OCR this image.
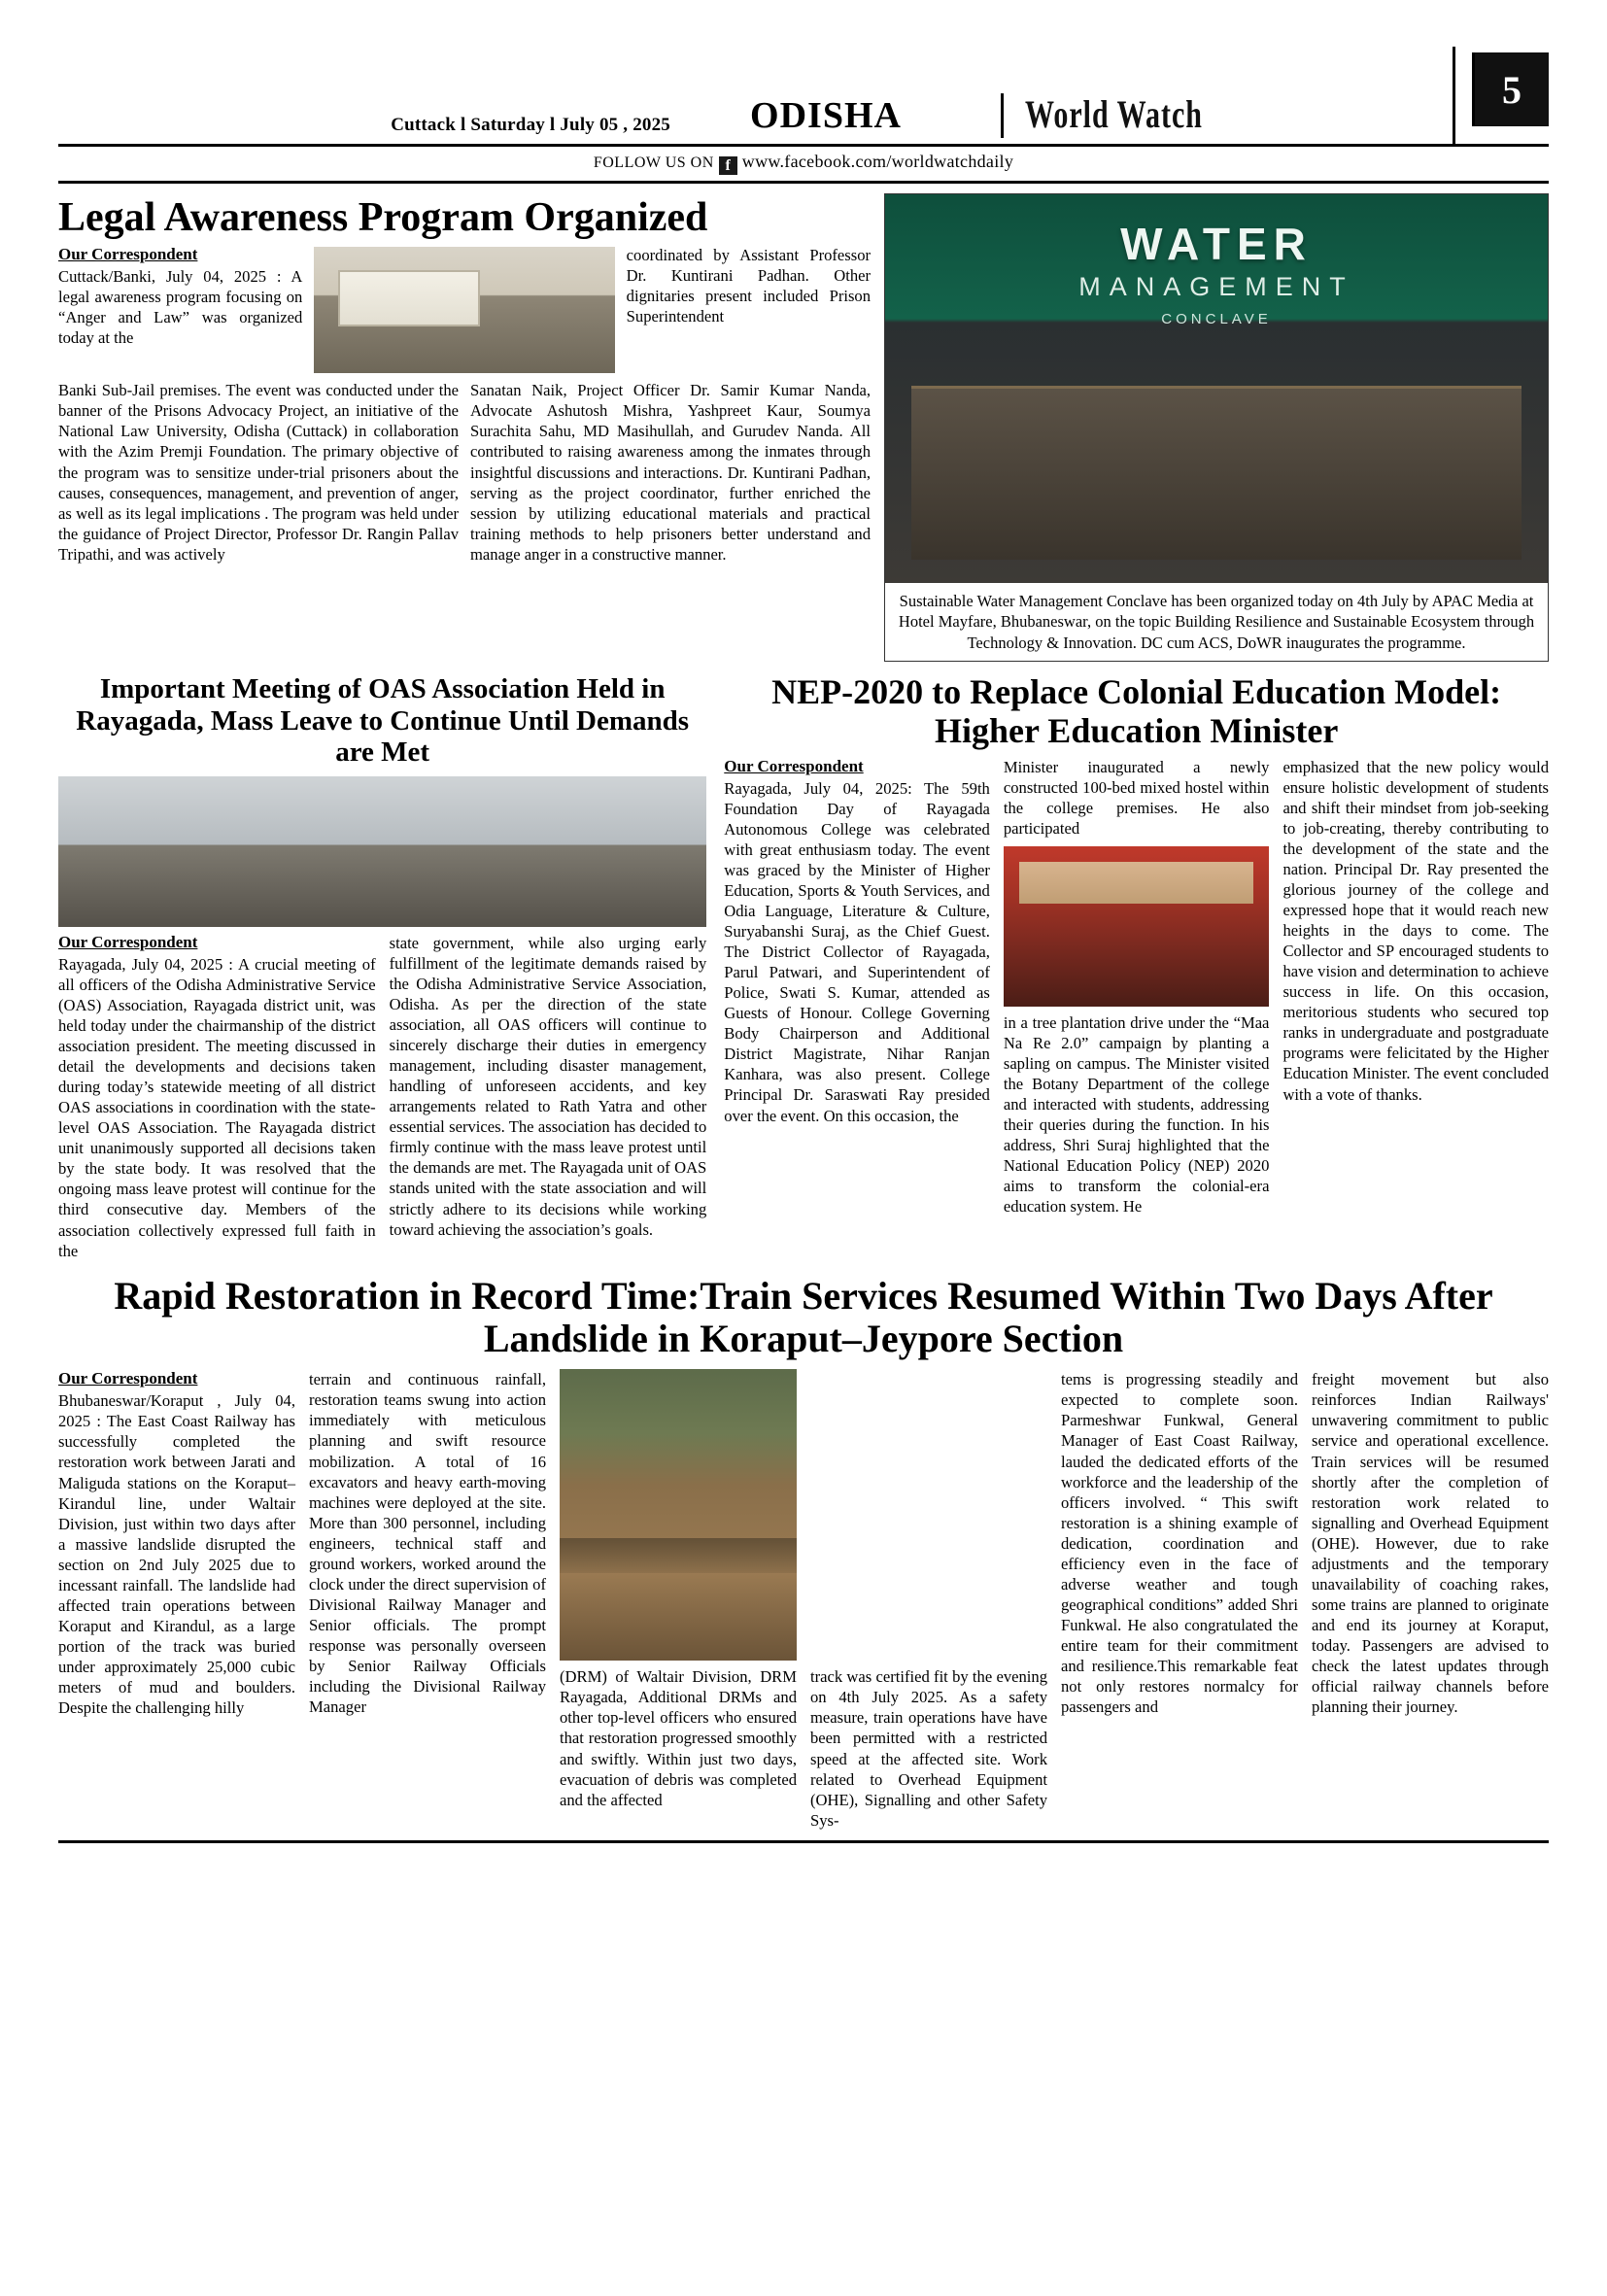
Cuttack l Saturday l July 05 , 2025	ODISHA	World Watch
5
FOLLOW US ON f www.facebook.com/worldwatchdaily
Legal Awareness Program Organized
Our Correspondent
Cuttack/Banki, July 04, 2025 : A legal awareness program focusing on “Anger and Law” was organized today at the
coordinated by Assistant Professor Dr. Kuntirani Padhan. Other dignitaries present included Prison Superintendent
Banki Sub-Jail premises. The event was conducted under the banner of the Prisons Advocacy Project, an initiative of the National Law University, Odisha (Cuttack) in collaboration with the Azim Premji Foundation. The primary objective of the program was to sensitize under-trial prisoners about the causes, consequences, management, and prevention of anger, as well as its legal implications . The program was held under the guidance of Project Director, Professor Dr. Rangin Pallav Tripathi, and was actively
Sanatan Naik, Project Officer Dr. Samir Kumar Nanda, Advocate Ashutosh Mishra, Yashpreet Kaur, Soumya Surachita Sahu, MD Masihullah, and Gurudev Nanda. All contributed to raising awareness among the inmates through insightful discussions and interactions. Dr. Kuntirani Padhan, serving as the project coordinator, further enriched the session by utilizing educational materials and practical training methods to help prisoners better understand and manage anger in a constructive manner.
WATER
MANAGEMENT
CONCLAVE
Sustainable Water Management Conclave has been organized today on 4th July by APAC Media at Hotel Mayfare, Bhubaneswar, on the topic Building Resilience and Sustainable Ecosystem through Technology & Innovation. DC cum ACS, DoWR inaugurates the programme.
Important Meeting of OAS Association Held in Rayagada, Mass Leave to Continue Until Demands are Met
Our Correspondent
Rayagada, July 04, 2025 : A crucial meeting of all officers of the Odisha Administrative Service (OAS) Association, Rayagada district unit, was held today under the chairmanship of the district association president. The meeting discussed in detail the developments and decisions taken during today’s statewide meeting of all district OAS associations in coordination with the state-level OAS Association. The Rayagada district unit unanimously supported all decisions taken by the state body. It was resolved that the ongoing mass leave protest will continue for the third consecutive day. Members of the association collectively expressed full faith in the
state government, while also urging early fulfillment of the legitimate demands raised by the Odisha Administrative Service Association, Odisha. As per the direction of the state association, all OAS officers will continue to sincerely discharge their duties in emergency management, including disaster management, handling of unforeseen accidents, and key arrangements related to Rath Yatra and other essential services. The association has decided to firmly continue with the mass leave protest until the demands are met. The Rayagada unit of OAS stands united with the state association and will strictly adhere to its decisions while working toward achieving the association’s goals.
NEP-2020 to Replace Colonial Education Model: Higher Education Minister
Our Correspondent
Rayagada, July 04, 2025: The 59th Foundation Day of Rayagada Autonomous College was celebrated with great enthusiasm today. The event was graced by the Minister of Higher Education, Sports & Youth Services, and Odia Language, Literature & Culture, Suryabanshi Suraj, as the Chief Guest. The District Collector of Rayagada, Parul Patwari, and Superintendent of Police, Swati S. Kumar, attended as Guests of Honour. College Governing Body Chairperson and Additional District Magistrate, Nihar Ranjan Kanhara, was also present. College Principal Dr. Saraswati Ray presided over the event. On this occasion, the
Minister inaugurated a newly constructed 100-bed mixed hostel within the college premises. He also participated
in a tree plantation drive under the “Maa Na Re 2.0” campaign by planting a sapling on campus. The Minister visited the Botany Department of the college and interacted with students, addressing their queries during the function. In his address, Shri Suraj highlighted that the National Education Policy (NEP) 2020 aims to transform the colonial-era education system. He
emphasized that the new policy would ensure holistic development of students and shift their mindset from job-seeking to job-creating, thereby contributing to the development of the state and the nation. Principal Dr. Ray presented the glorious journey of the college and expressed hope that it would reach new heights in the days to come. The Collector and SP encouraged students to have vision and determination to achieve success in life. On this occasion, meritorious students who secured top ranks in undergraduate and postgraduate programs were felicitated by the Higher Education Minister. The event concluded with a vote of thanks.
Rapid Restoration in Record Time:Train Services Resumed Within Two Days After Landslide in Koraput–Jeypore Section
Our Correspondent
Bhubaneswar/Koraput , July 04, 2025 : The East Coast Railway has successfully completed the restoration work between Jarati and Maliguda stations on the Koraput–Kirandul line, under Waltair Division, just within two days after a massive landslide disrupted the section on 2nd July 2025 due to incessant rainfall. The landslide had affected train operations between Koraput and Kirandul, as a large portion of the track was buried under approximately 25,000 cubic meters of mud and boulders. Despite the challenging hilly
terrain and continuous rainfall, restoration teams swung into action immediately with meticulous planning and swift resource mobilization. A total of 16 excavators and heavy earth-moving machines were deployed at the site. More than 300 personnel, including engineers, technical staff and ground workers, worked around the clock under the direct supervision of Divisional Railway Manager and Senior officials. The prompt response was personally overseen by Senior Railway Officials including the Divisional Railway Manager
(DRM) of Waltair Division, DRM Rayagada, Additional DRMs and other top-level officers who ensured that restoration progressed smoothly and swiftly. Within just two days, evacuation of debris was completed and the affected
track was certified fit by the evening on 4th July 2025. As a safety measure, train operations have have been permitted with a restricted speed at the affected site. Work related to Overhead Equipment (OHE), Signalling and other Safety Sys-
tems is progressing steadily and expected to complete soon. Parmeshwar Funkwal, General Manager of East Coast Railway, lauded the dedicated efforts of the workforce and the leadership of the officers involved. “ This swift restoration is a shining example of dedication, coordination and efficiency even in the face of adverse weather and tough geographical conditions” added Shri Funkwal. He also congratulated the entire team for their commitment and resilience.This remarkable feat not only restores normalcy for passengers and
freight movement but also reinforces Indian Railways' unwavering commitment to public service and operational excellence. Train services will be resumed shortly after the completion of restoration work related to signalling and Overhead Equipment (OHE). However, due to rake adjustments and the temporary unavailability of coaching rakes, some trains are planned to originate and end its journey at Koraput, today. Passengers are advised to check the latest updates through official railway channels before planning their journey.
